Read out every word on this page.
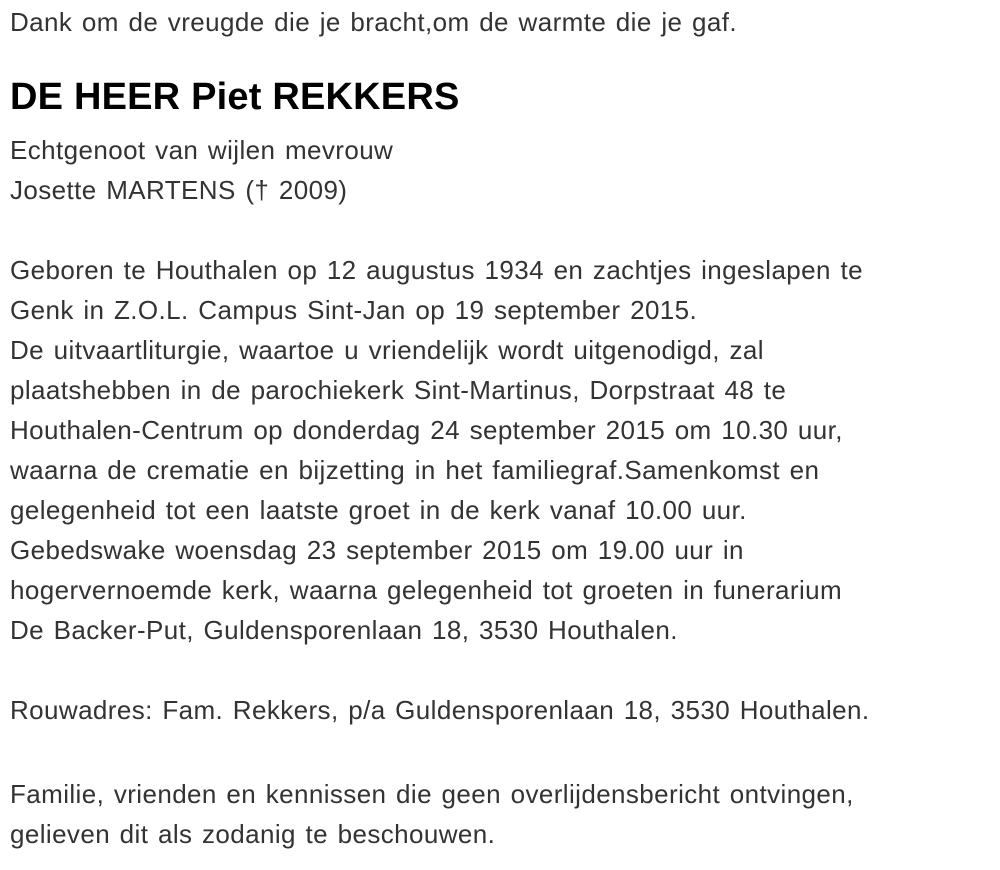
Dank om de vreugde die je bracht,om de warmte die je gaf.
DE HEER Piet REKKERS
Echtgenoot van wijlen mevrouw
Josette MARTENS († 2009)
Geboren te Houthalen op 12 augustus 1934 en zachtjes ingeslapen te
Genk in Z.O.L. Campus Sint-Jan op 19 september 2015.
De uitvaartliturgie, waartoe u vriendelijk wordt uitgenodigd, zal
plaatshebben in de parochiekerk Sint-Martinus, Dorpstraat 48 te
Houthalen-Centrum op donderdag 24 september 2015 om 10.30 uur,
waarna de crematie en bijzetting in het familiegraf.Samenkomst en
gelegenheid tot een laatste groet in de kerk vanaf 10.00 uur.
Gebedswake woensdag 23 september 2015 om 19.00 uur in
hogervernoemde kerk, waarna gelegenheid tot groeten in funerarium
De Backer-Put, Guldensporenlaan 18, 3530 Houthalen.
Rouwadres: Fam. Rekkers, p/a Guldensporenlaan 18, 3530 Houthalen.
Familie, vrienden en kennissen die geen overlijdensbericht ontvingen,
gelieven dit als zodanig te beschouwen.
